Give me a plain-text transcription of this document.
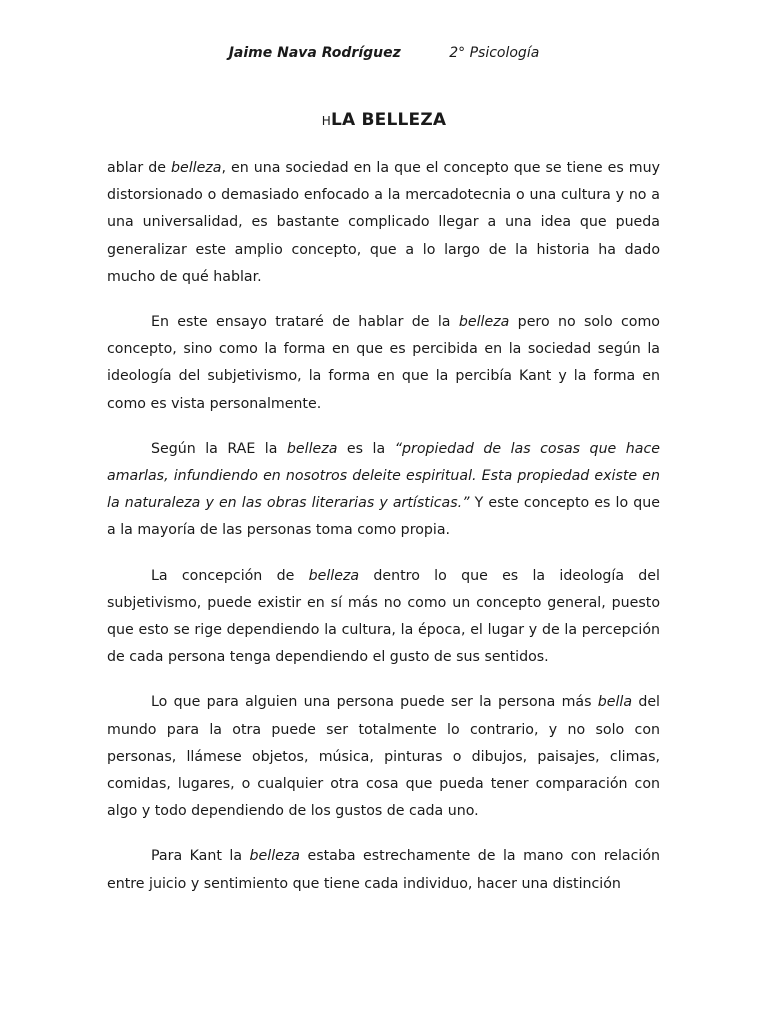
Jaime Nava Rodríguez	2° Psicología
HLA BELLEZA

ablar de belleza, en una sociedad en la que el concepto que se tiene es muy distorsionado o demasiado enfocado a la mercadotecnia o una cultura y no a una universalidad, es bastante complicado llegar a una idea que pueda generalizar este amplio concepto, que a lo largo de la historia ha dado mucho de qué hablar.

En este ensayo trataré de hablar de la belleza pero no solo como concepto, sino como la forma en que es percibida en la sociedad según la ideología del subjetivismo, la forma en que la percibía Kant y la forma en como es vista personalmente.

Según la RAE la belleza es la “propiedad de las cosas que hace amarlas, infundiendo en nosotros deleite espiritual. Esta propiedad existe en la naturaleza y en las obras literarias y artísticas.” Y este concepto es lo que a la mayoría de las personas toma como propia.

La concepción de belleza dentro lo que es la ideología del subjetivismo, puede existir en sí más no como un concepto general, puesto que esto se rige dependiendo la cultura, la época, el lugar y de la percepción de cada persona tenga dependiendo el gusto de sus sentidos.

Lo que para alguien una persona puede ser la persona más bella del mundo para la otra puede ser totalmente lo contrario, y no solo con personas, llámese objetos, música, pinturas o dibujos, paisajes, climas, comidas, lugares, o cualquier otra cosa que pueda tener comparación con algo y todo dependiendo de los gustos de cada uno.

Para Kant la belleza estaba estrechamente de la mano con relación entre juicio y sentimiento que tiene cada individuo, hacer una distinción
